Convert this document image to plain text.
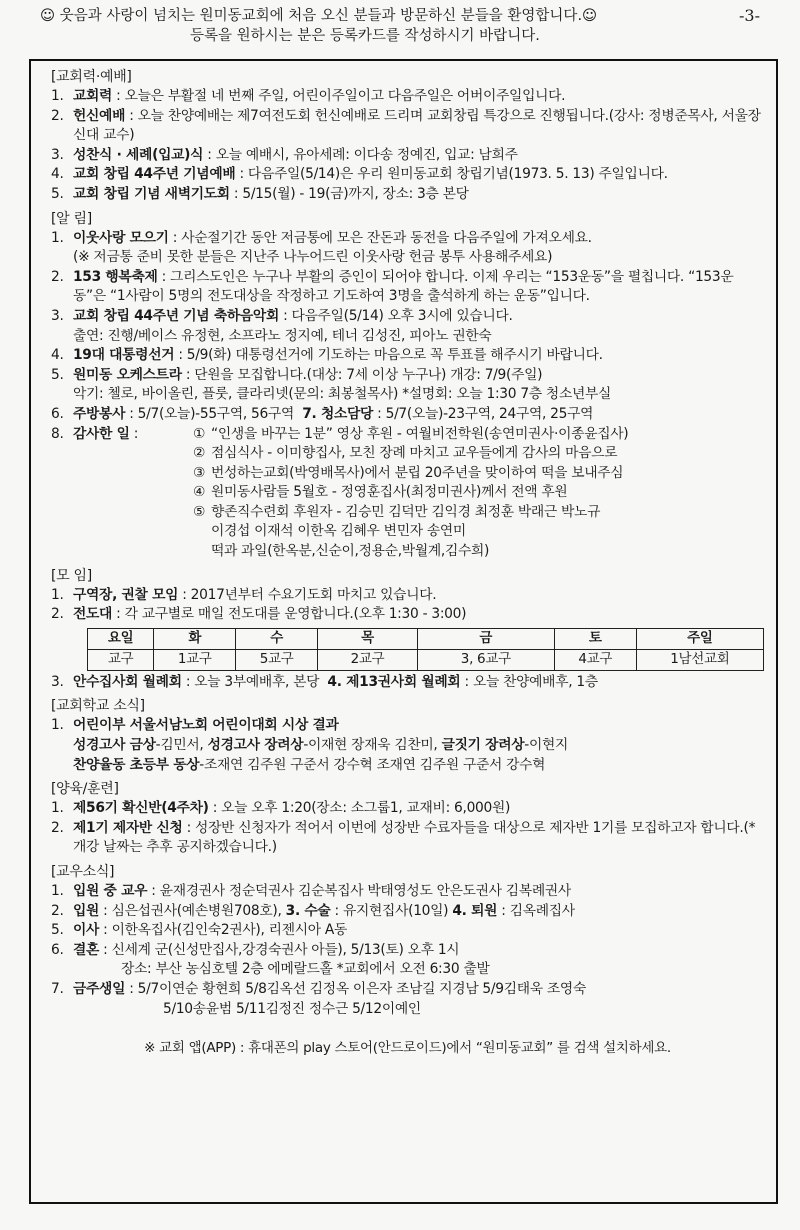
☺ 웃음과 사랑이 넘치는 원미동교회에 처음 오신 분들과 방문하신 분들을 환영합니다.☺	-3-
등록을 원하시는 분은 등록카드를 작성하시기 바랍니다.
[교회력·예배]
1. 교회력 : 오늘은 부활절 네 번째 주일, 어린이주일이고 다음주일은 어버이주일입니다.
2. 헌신예배 : 오늘 찬양예배는 제7여전도회 헌신예배로 드리며 교회창립 특강으로 진행됩니다.(강사: 정병준목사, 서울장신대 교수)
3. 성찬식 · 세례(입교)식 : 오늘 예배시, 유아세례: 이다송 정예진, 입교: 남희주
4. 교회 창립 44주년 기념예배 : 다음주일(5/14)은 우리 원미동교회 창립기념(1973. 5. 13) 주일입니다.
5. 교회 창립 기념 새벽기도회 : 5/15(월) - 19(금)까지, 장소: 3층 본당
[알 림]
1. 이웃사랑 모으기 : 사순절기간 동안 저금통에 모은 잔돈과 동전을 다음주일에 가져오세요.
(※ 저금통 준비 못한 분들은 지난주 나누어드린 이웃사랑 헌금 봉투 사용해주세요)
2. 153 행복축제 : 그리스도인은 누구나 부활의 증인이 되어야 합니다. 이제 우리는 “153운동”을 펼칩니다. “153운동”은 “1사람이 5명의 전도대상을 작정하고 기도하여 3명을 출석하게 하는 운동”입니다.
3. 교회 창립 44주년 기념 축하음악회 : 다음주일(5/14) 오후 3시에 있습니다.
출연: 진행/베이스 유정현, 소프라노 정지예, 테너 김성진, 피아노 권한숙
4. 19대 대통령선거 : 5/9(화) 대통령선거에 기도하는 마음으로 꼭 투표를 해주시기 바랍니다.
5. 원미동 오케스트라 : 단원을 모집합니다.(대상: 7세 이상 누구나) 개강: 7/9(주일)
악기: 첼로, 바이올린, 플룻, 클라리넷(문의: 최봉철목사) *설명회: 오늘 1:30 7층 청소년부실
6. 주방봉사 : 5/7(오늘)-55구역, 56구역 7. 청소담당 : 5/7(오늘)-23구역, 24구역, 25구역
8. 감사한 일 :	① “인생을 바꾸는 1분” 영상 후원 - 여월비전학원(송연미권사·이종윤집사)
② 점심식사 - 이미향집사, 모친 장례 마치고 교우들에게 감사의 마음으로
③ 번성하는교회(박영배목사)에서 분립 20주년을 맞이하여 떡을 보내주심
④ 원미동사람들 5월호 - 정영훈집사(최정미권사)께서 전액 후원
⑤ 향존직수련회 후원자 - 김승민 김덕만 김익경 최정훈 박래근 박노규
이경섭 이재석 이한옥 김혜우 변민자 송연미
떡과 과일(한옥분,신순이,정용순,박월계,김수희)
[모 임]
1. 구역장, 권찰 모임 : 2017년부터 수요기도회 마치고 있습니다.
2. 전도대 : 각 교구별로 매일 전도대를 운영합니다.(오후 1:30 - 3:00)
요일	화	수	목	금	토	주일
교구	1교구	5교구	2교구	3, 6교구	4교구	1남선교회
3. 안수집사회 월례회 : 오늘 3부예배후, 본당 4. 제13권사회 월례회 : 오늘 찬양예배후, 1층
[교회학교 소식]
1. 어린이부 서울서남노회 어린이대회 시상 결과
성경고사 금상-김민서, 성경고사 장려상-이재현 장재욱 김찬미, 글짓기 장려상-이현지
찬양율동 초등부 동상-조재연 김주원 구준서 강수혁 조재연 김주원 구준서 강수혁
[양육/훈련]
1. 제56기 확신반(4주차) : 오늘 오후 1:20(장소: 소그룹1, 교재비: 6,000원)
2. 제1기 제자반 신청 : 성장반 신청자가 적어서 이번에 성장반 수료자들을 대상으로 제자반 1기를 모집하고자 합니다.(*개강 날짜는 추후 공지하겠습니다.)
[교우소식]
1. 입원 중 교우 : 윤재경권사 정순덕권사 김순복집사 박태영성도 안은도권사 김복례권사
2. 입원 : 심은섭권사(예손병원708호), 3. 수술 : 유지현집사(10일) 4. 퇴원 : 김옥례집사
5. 이사 : 이한옥집사(김인숙2권사), 리젠시아 A동
6. 결혼 : 신세계 군(신성만집사,강경숙권사 아들), 5/13(토) 오후 1시
장소: 부산 농심호텔 2층 에메랄드홀 *교회에서 오전 6:30 출발
7. 금주생일 : 5/7이연순 황현희 5/8김옥선 김정옥 이은자 조남길 지경남 5/9김태욱 조영숙
5/10송윤범 5/11김정진 정수근 5/12이예인
※ 교회 앱(APP) : 휴대폰의 play 스토어(안드로이드)에서 “원미동교회” 를 검색 설치하세요.
